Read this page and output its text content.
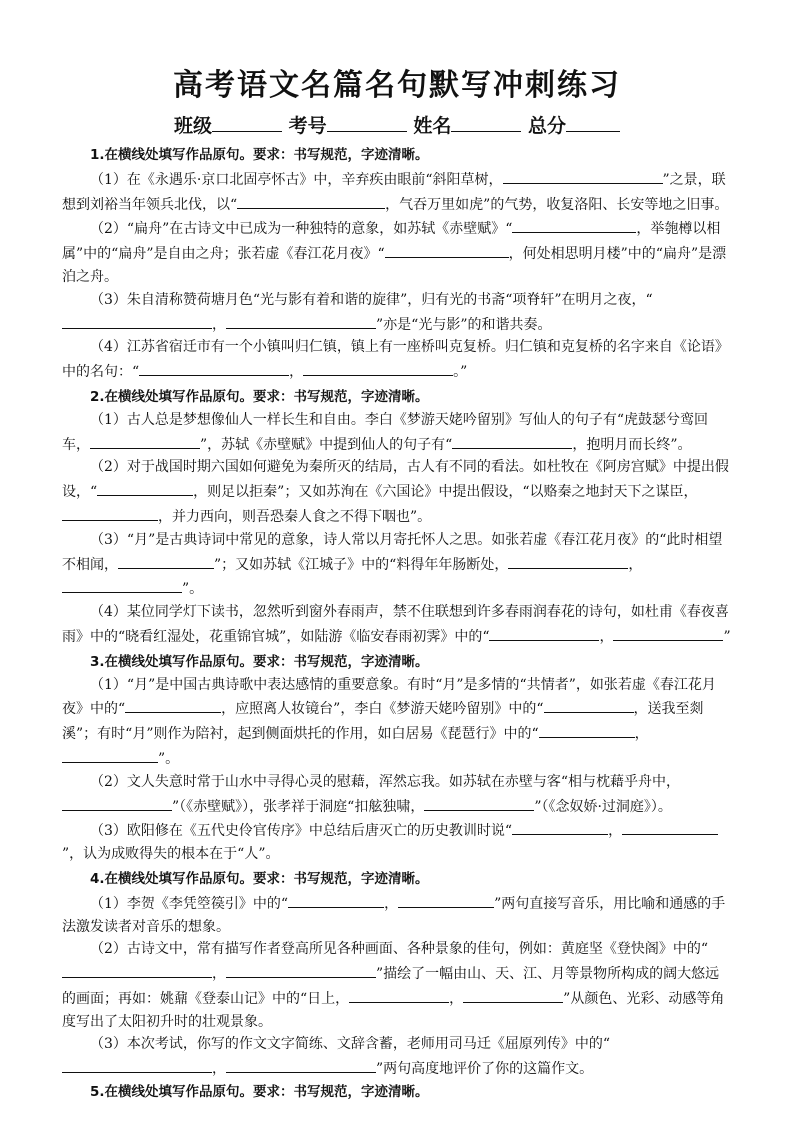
高考语文名篇名句默写冲刺练习
班级	考号	姓名	总分

1.在横线处填写作品原句。要求：书写规范，字迹清晰。

（1）在《永遇乐·京口北固亭怀古》中，辛弃疾由眼前“斜阳草树，	”之景，联想到刘裕当年领兵北伐，以“	，气吞万里如虎”的气势，收复洛阳、长安等地之旧事。

（2）“扁舟”在古诗文中已成为一种独特的意象，如苏轼《赤壁赋》“	，举匏樽以相属”中的“扁舟”是自由之舟；张若虚《春江花月夜》“	，何处相思明月楼”中的“扁舟”是漂泊之舟。

（3）朱自清称赞荷塘月色“光与影有着和谐的旋律”，归有光的书斋“项脊轩”在明月之夜，“，	”亦是“光与影”的和谐共奏。

（4）江苏省宿迁市有一个小镇叫归仁镇，镇上有一座桥叫克复桥。归仁镇和克复桥的名字来自《论语》中的名句：“	，	。”

2.在横线处填写作品原句。要求：书写规范，字迹清晰。

（1）古人总是梦想像仙人一样长生和自由。李白《梦游天姥吟留别》写仙人的句子有“虎鼓瑟兮鸾回车，	”，苏轼《赤壁赋》中提到仙人的句子有“	，抱明月而长终”。

（2）对于战国时期六国如何避免为秦所灭的结局，古人有不同的看法。如杜牧在《阿房宫赋》中提出假设，“	，则足以拒秦”；又如苏洵在《六国论》中提出假设，“以赂秦之地封天下之谋臣，，并力西向，则吾恐秦人食之不得下咽也”。

（3）“月”是古典诗词中常见的意象，诗人常以月寄托怀人之思。如张若虚《春江花月夜》的“此时相望不相闻，	”；又如苏轼《江城子》中的“料得年年肠断处，	，”。

（4）某位同学灯下读书，忽然听到窗外春雨声，禁不住联想到许多春雨润春花的诗句，如杜甫《春夜喜雨》中的“晓看红湿处，花重锦官城”，如陆游《临安春雨初霁》中的“	，	”

3.在横线处填写作品原句。要求：书写规范，字迹清晰。

（1）“月”是中国古典诗歌中表达感情的重要意象。有时“月”是多情的“共情者”，如张若虚《春江花月夜》中的“	，应照离人妆镜台”，李白《梦游天姥吟留别》中的“	，送我至剡溪”；有时“月”则作为陪衬，起到侧面烘托的作用，如白居易《琵琶行》中的“	，”。

（2）文人失意时常于山水中寻得心灵的慰藉，浑然忘我。如苏轼在赤壁与客“相与枕藉乎舟中，”（《赤壁赋》），张孝祥于洞庭“扣舷独啸，	”（《念奴娇·过洞庭》）。

（3）欧阳修在《五代史伶官传序》中总结后唐灭亡的历史教训时说“	，”，认为成败得失的根本在于“人”。

4.在横线处填写作品原句。要求：书写规范，字迹清晰。

（1）李贺《李凭箜篌引》中的“	，	”两句直接写音乐，用比喻和通感的手法激发读者对音乐的想象。

（2）古诗文中，常有描写作者登高所见各种画面、各种景象的佳句，例如：黄庭坚《登快阁》中的“，	”描绘了一幅由山、天、江、月等景物所构成的阔大悠远的画面；再如：姚鼐《登泰山记》中的“日上，	，	”从颜色、光彩、动感等角度写出了太阳初升时的壮观景象。

（3）本次考试，你写的作文文字简练、文辞含蓄，老师用司马迁《屈原列传》中的“，	”两句高度地评价了你的这篇作文。

5.在横线处填写作品原句。要求：书写规范，字迹清晰。
